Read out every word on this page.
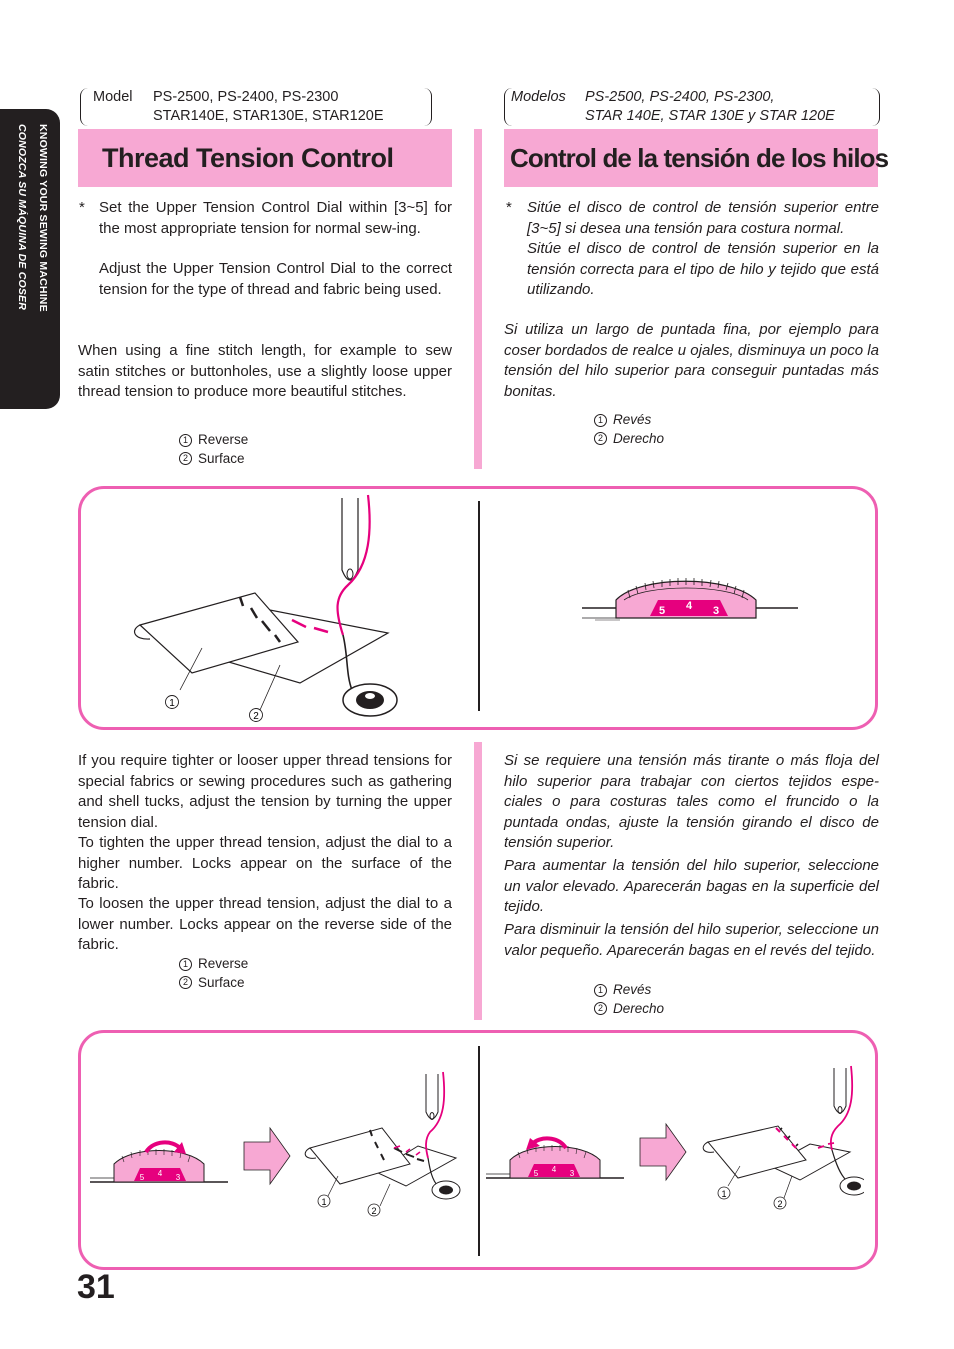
KNOWING YOUR SEWING MACHINE
CONOZCA SU MÁQUINA DE COSER
Model PS-2500, PS-2400, PS-2300
STAR140E, STAR130E, STAR120E
Modelos PS-2500, PS-2400, PS-2300,
STAR 140E, STAR 130E y STAR 120E
Thread Tension Control	Control de la tensión de los hilos
* Set the Upper Tension Control Dial within [3~5] for the most appropriate tension for normal sew-ing.

Adjust the Upper Tension Control Dial to the correct tension for the type of thread and fabric being used.

When using a fine stitch length, for example to sew satin stitches or buttonholes, use a slightly loose upper thread tension to produce more beautiful stitches.

1 Reverse
2 Surface
* Sitúe el disco de control de tensión superior entre [3~5] si desea una tensión para costura normal.

Sitúe el disco de control de tensión superior en la tensión correcta para el tipo de hilo y tejido que está utilizando.

Si utiliza un largo de puntada fina, por ejemplo para coser bordados de realce u ojales, disminuya un poco la tensión del hilo superior para conseguir puntadas más bonitas.

1 Revés
2 Derecho
1
2
5 4 3

If you require tighter or looser upper thread tensions for special fabrics or sewing procedures such as gathering and shell tucks, adjust the tension by turning the upper tension dial.

To tighten the upper thread tension, adjust the dial to a higher number. Locks appear on the surface of the fabric.

To loosen the upper thread tension, adjust the dial to a lower number. Locks appear on the reverse side of the fabric.

1 Reverse
2 Surface

Si se requiere una tensión más tirante o más floja del hilo superior para trabajar con ciertos tejidos espe-ciales o para costuras tales como el fruncido o la puntada ondas, ajuste la tensión girando el disco de tensión superior.

Para aumentar la tensión del hilo superior, seleccione un valor elevado. Aparecerán bagas en la superficie del tejido.

Para disminuir la tensión del hilo superior, seleccione un valor pequeño. Aparecerán bagas en el revés del tejido.

1 Revés
2 Derecho
5 4 3
1
2
5 4 3
1
2
31
